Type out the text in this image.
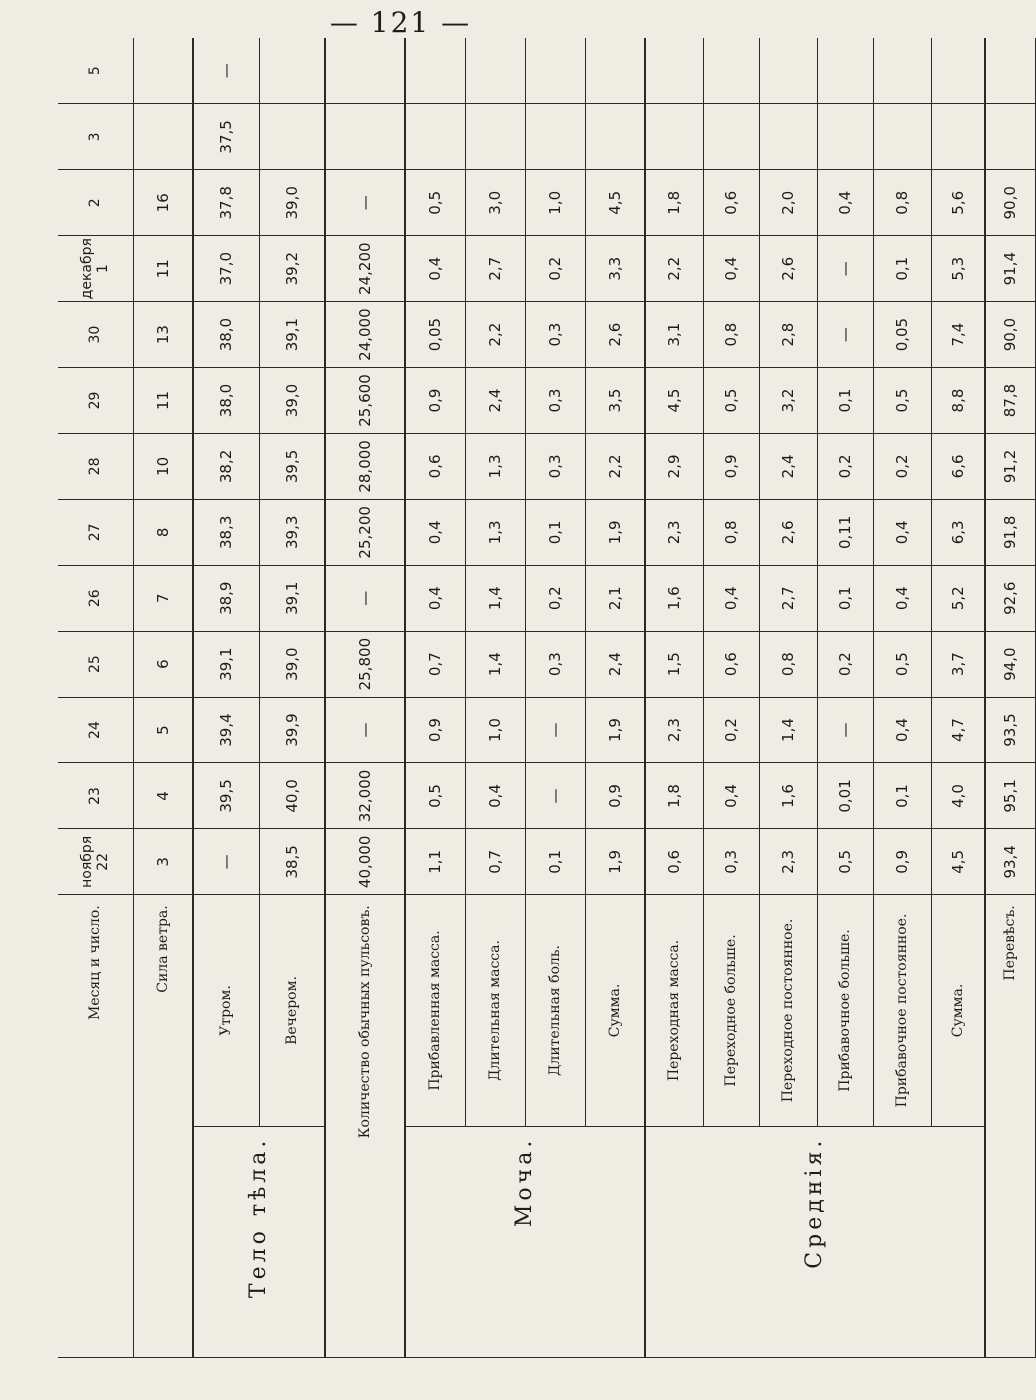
— 121 —
Месяц и число.		ноября 22	23	24	25	26	27	28	29	30	декабря 1	2	3	5
Сила ветра.		3	4	5	6	7	8	10	11	13	11	16		
Тело тѣла.	Утром.	—	39,5	39,4	39,1	38,9	38,3	38,2	38,0	38,0	37,0	37,8	37,5	—
	Вечером.	38,5	40,0	39,9	39,0	39,1	39,3	39,5	39,0	39,1	39,2	39,0		
Количество обычных пульсовъ.		40,000	32,000	—	25,800	—	25,200	28,000	25,600	24,000	24,200	—		
Моча.	Прибавленная масса.	1,1	0,5	0,9	0,7	0,4	0,4	0,6	0,9	0,05	0,4	0,5		
	Длительная масса.	0,7	0,4	1,0	1,4	1,4	1,3	1,3	2,4	2,2	2,7	3,0		
	Длительная боль.	0,1	—	—	0,3	0,2	0,1	0,3	0,3	0,3	0,2	1,0		
	Сумма.	1,9	0,9	1,9	2,4	2,1	1,9	2,2	3,5	2,6	3,3	4,5		
Среднія.	Переходная масса.	0,6	1,8	2,3	1,5	1,6	2,3	2,9	4,5	3,1	2,2	1,8		
	Переходное больше.	0,3	0,4	0,2	0,6	0,4	0,8	0,9	0,5	0,8	0,4	0,6		
	Переходное постоянное.	2,3	1,6	1,4	0,8	2,7	2,6	2,4	3,2	2,8	2,6	2,0		
	Прибавочное больше.	0,5	0,01	—	0,2	0,1	0,11	0,2	0,1	—	—	0,4		
	Прибавочное постоянное.	0,9	0,1	0,4	0,5	0,4	0,4	0,2	0,5	0,05	0,1	0,8		
	Сумма.	4,5	4,0	4,7	3,7	5,2	6,3	6,6	8,8	7,4	5,3	5,6		
Перевѣсъ.		93,4	95,1	93,5	94,0	92,6	91,8	91,2	87,8	90,0	91,4	90,0		
